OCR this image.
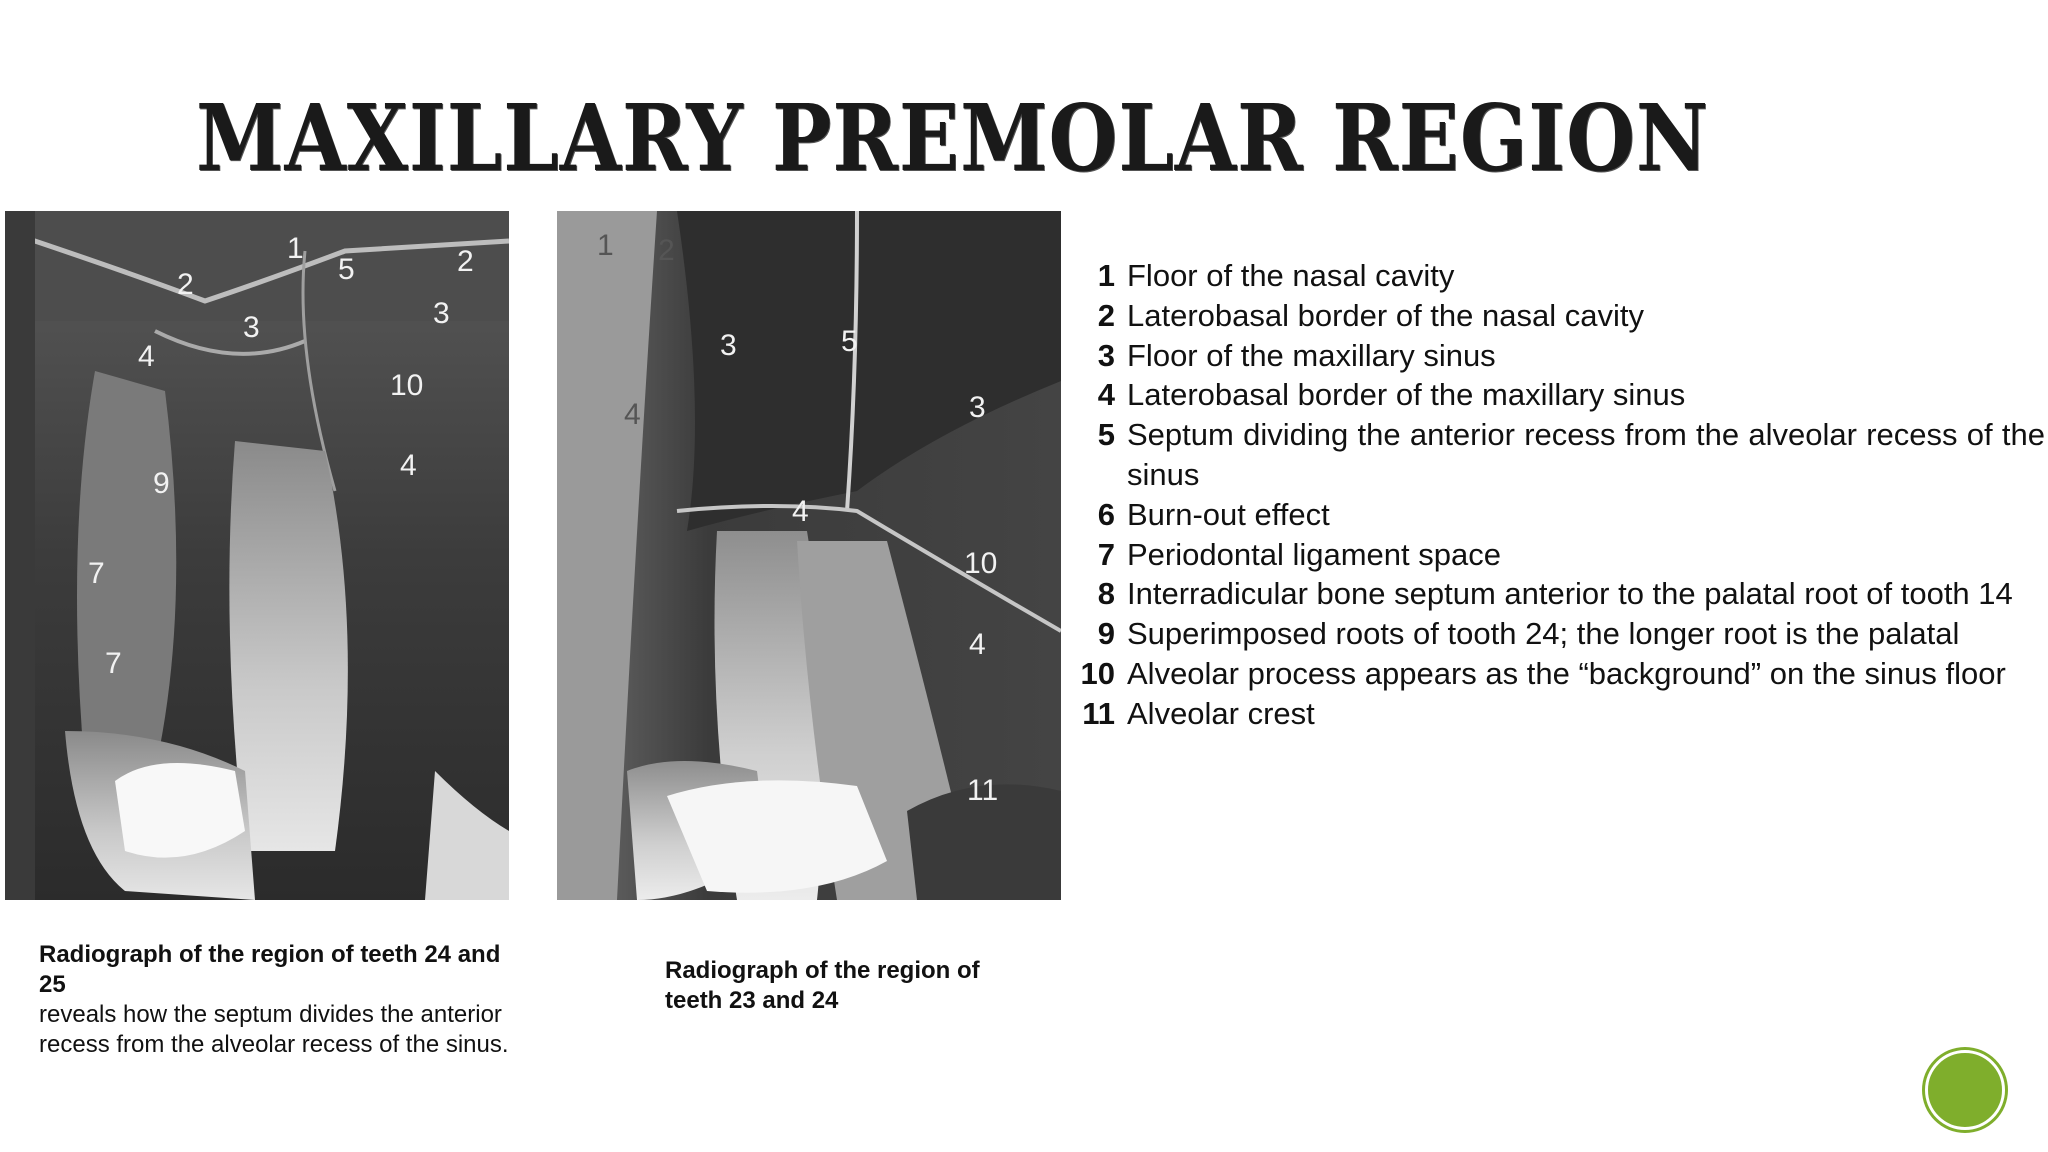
MAXILLARY PREMOLAR REGION
1
5
2
2
3	3
4
10
4
9
7
7
1 2
3	5
4	3
4
10
4
11
1 Floor of the nasal cavity
2 Laterobasal border of the nasal cavity
3 Floor of the maxillary sinus
4 Laterobasal border of the maxillary sinus
5 Septum dividing the anterior recess from the alveolar recess of the sinus
6 Burn-out effect
7 Periodontal ligament space
8 Interradicular bone septum anterior to the palatal root of tooth 14
9 Superimposed roots of tooth 24; the longer root is the palatal
10 Alveolar process appears as the “background” on the sinus floor
11 Alveolar crest
Radiograph of the region of teeth 24 and 25
reveals how the septum divides the anterior recess from the alveolar recess of the sinus.
Radiograph of the region of teeth 23 and 24
